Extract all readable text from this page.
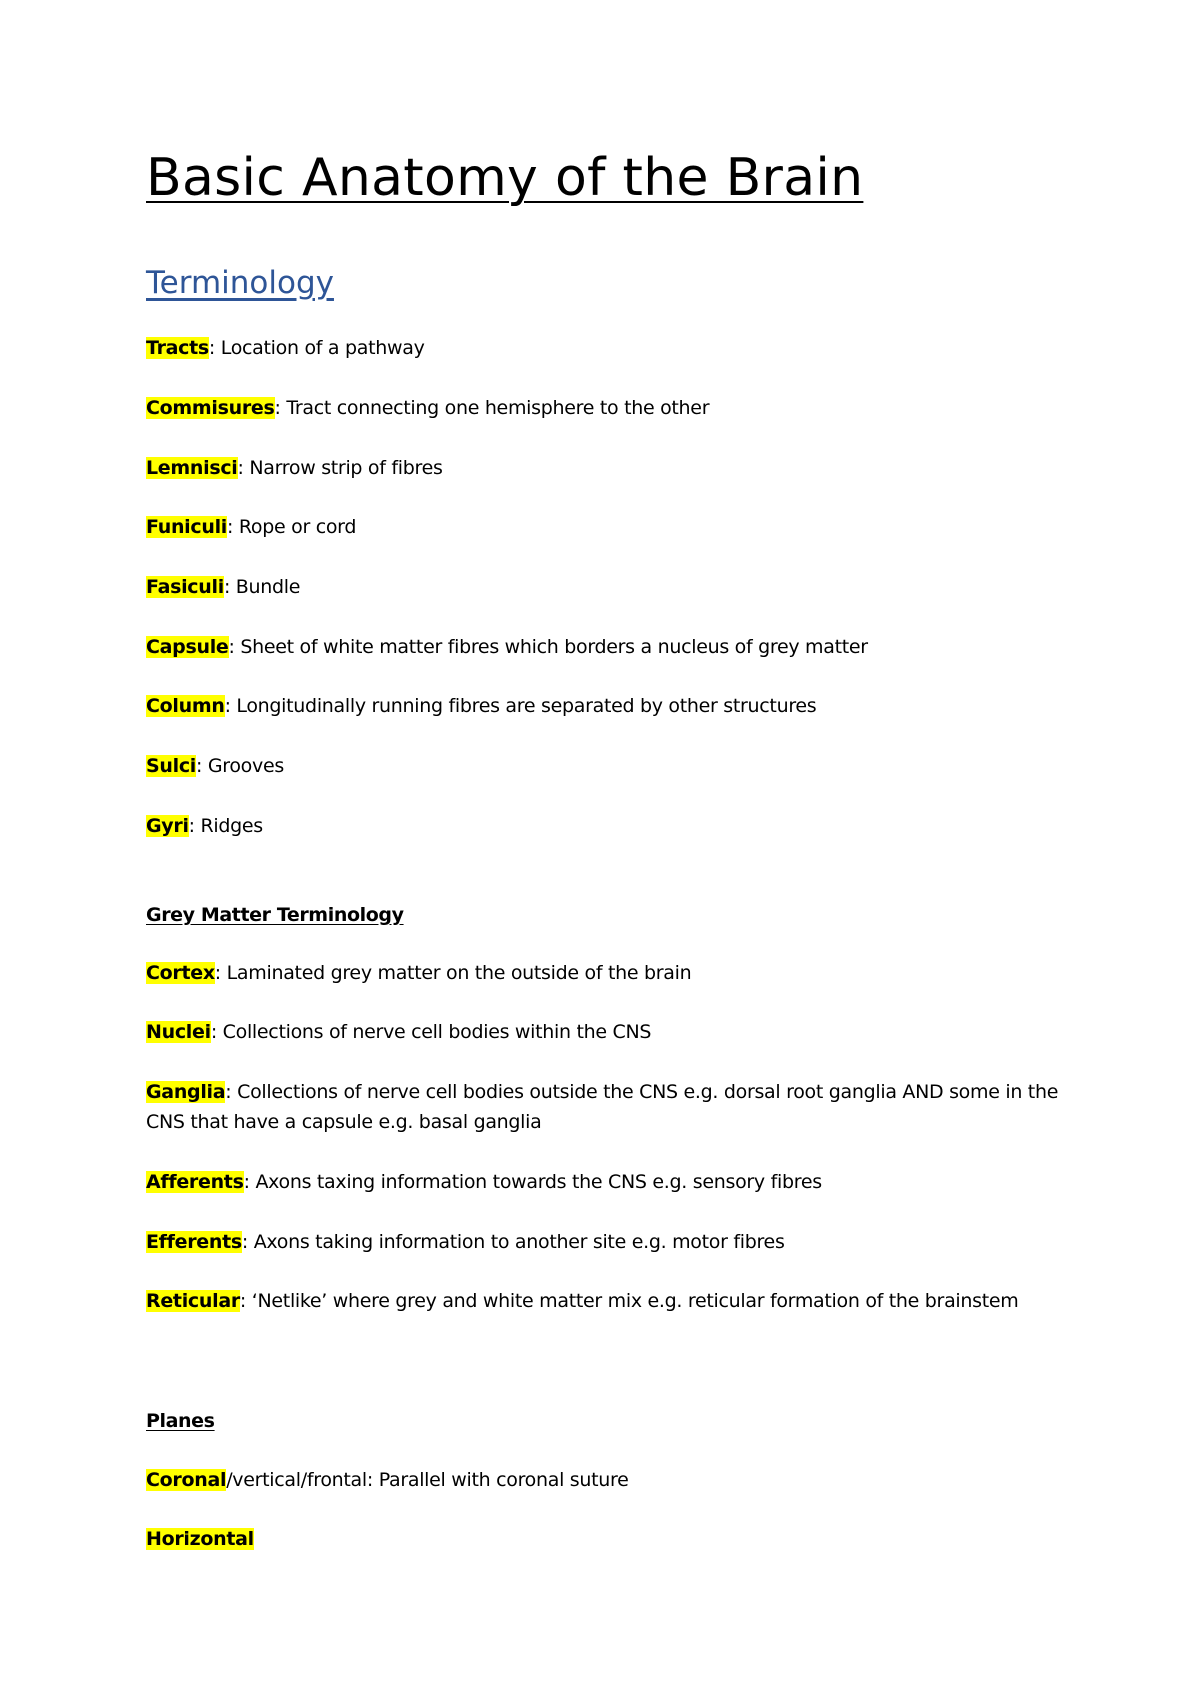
Basic Anatomy of the Brain
Terminology

Tracts: Location of a pathway

Commisures: Tract connecting one hemisphere to the other

Lemnisci: Narrow strip of fibres

Funiculi: Rope or cord

Fasiculi: Bundle

Capsule: Sheet of white matter fibres which borders a nucleus of grey matter

Column: Longitudinally running fibres are separated by other structures

Sulci: Grooves

Gyri: Ridges

Grey Matter Terminology

Cortex: Laminated grey matter on the outside of the brain

Nuclei: Collections of nerve cell bodies within the CNS

Ganglia: Collections of nerve cell bodies outside the CNS e.g. dorsal root ganglia AND some in the CNS that have a capsule e.g. basal ganglia

Afferents: Axons taxing information towards the CNS e.g. sensory fibres

Efferents: Axons taking information to another site e.g. motor fibres

Reticular: ‘Netlike’ where grey and white matter mix e.g. reticular formation of the brainstem

Planes

Coronal/vertical/frontal: Parallel with coronal suture

Horizontal
